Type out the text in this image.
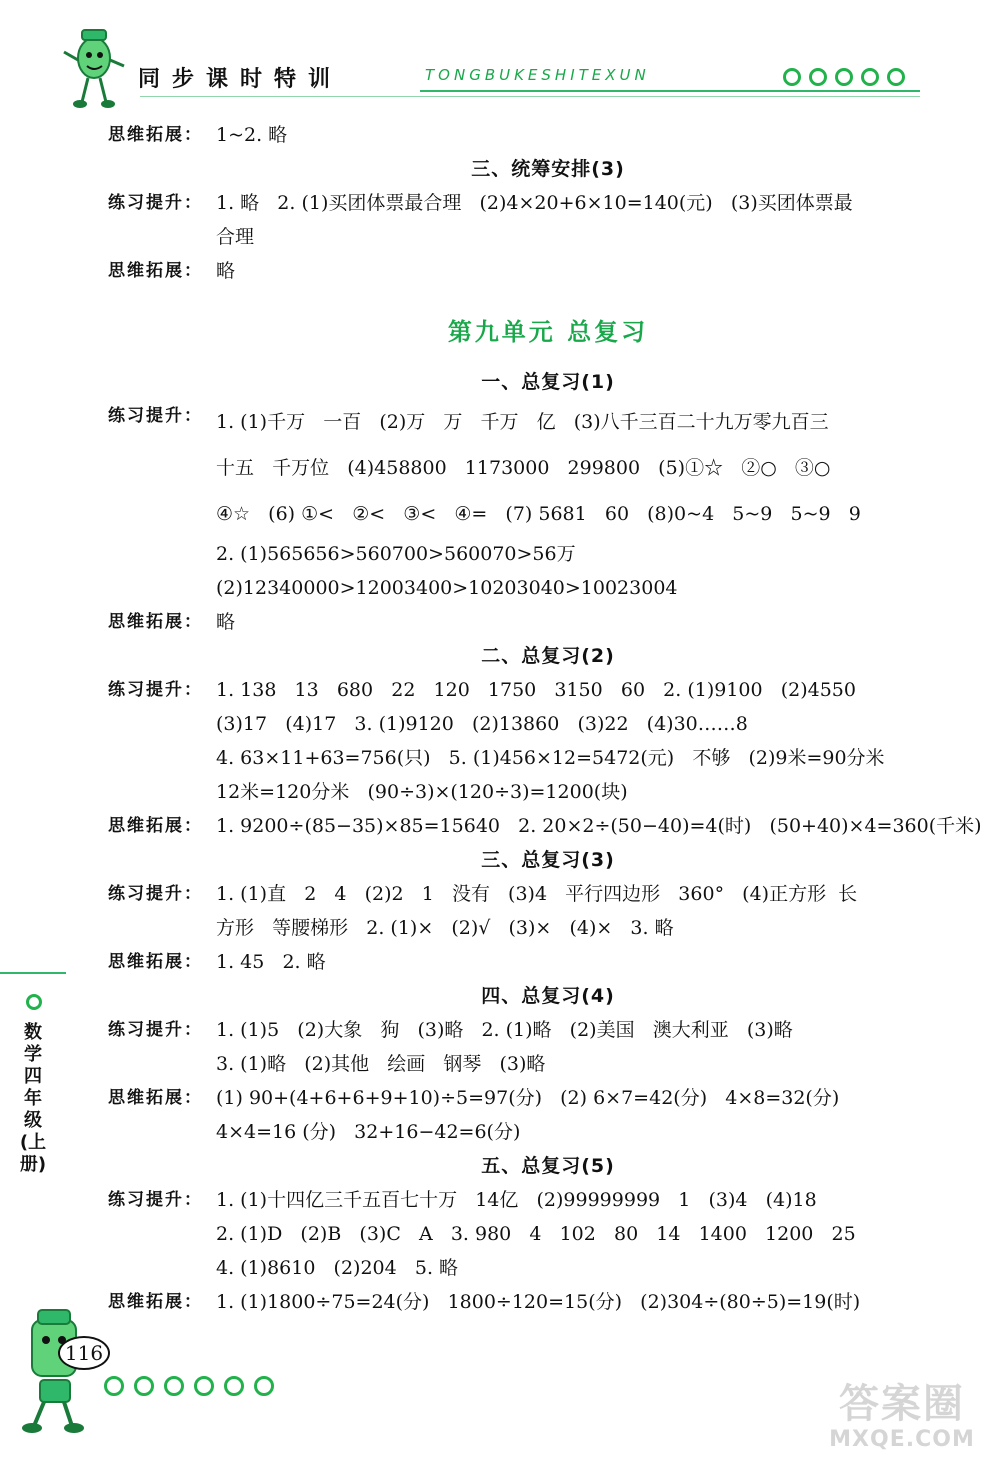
同步课时特训	TONGBUKESHITEXUN
思维拓展： 1~2. 略
三、统筹安排(3)
练习提升： 1. 略   2. (1)买团体票最合理   (2)4×20+6×10=140(元)   (3)买团体票最
合理
思维拓展： 略
第九单元 总复习
一、总复习(1)
练习提升： 1. (1)千万   一百   (2)万   万   千万   亿   (3)八千三百二十九万零九百三
十五   千万位   (4)458800   1173000   299800   (5)①☆   ②○   ③○
④☆   (6) ①<   ②<   ③<   ④=   (7) 5681   60   (8)0~4   5~9   5~9   9
2. (1)565656>560700>560070>56万
(2)12340000>12003400>10203040>10023004
思维拓展： 略
二、总复习(2)
练习提升： 1. 138   13   680   22   120   1750   3150   60   2. (1)9100   (2)4550
(3)17   (4)17   3. (1)9120   (2)13860   (3)22   (4)30……8
4. 63×11+63=756(只)   5. (1)456×12=5472(元)   不够   (2)9米=90分米
12米=120分米   (90÷3)×(120÷3)=1200(块)
思维拓展： 1. 9200÷(85−35)×85=15640   2. 20×2÷(50−40)=4(时)   (50+40)×4=360(千米)
三、总复习(3)
练习提升： 1. (1)直   2   4   (2)2   1   没有   (3)4   平行四边形   360°   (4)正方形  长
方形   等腰梯形   2. (1)×   (2)√   (3)×   (4)×   3. 略
思维拓展： 1. 45   2. 略
四、总复习(4)
练习提升： 1. (1)5   (2)大象   狗   (3)略   2. (1)略   (2)美国   澳大利亚   (3)略
3. (1)略   (2)其他   绘画   钢琴   (3)略
思维拓展： (1) 90+(4+6+6+9+10)÷5=97(分)   (2) 6×7=42(分)   4×8=32(分)
4×4=16 (分)   32+16−42=6(分)
五、总复习(5)
练习提升： 1. (1)十四亿三千五百七十万   14亿   (2)99999999   1   (3)4   (4)18
2. (1)D   (2)B   (3)C   A   3. 980   4   102   80   14   1400   1200   25
4. (1)8610   (2)204   5. 略
思维拓展： 1. (1)1800÷75=24(分)   1800÷120=15(分)   (2)304÷(80÷5)=19(时)
数学 四年级(上册)
116
答案圈
MXQE.COM
